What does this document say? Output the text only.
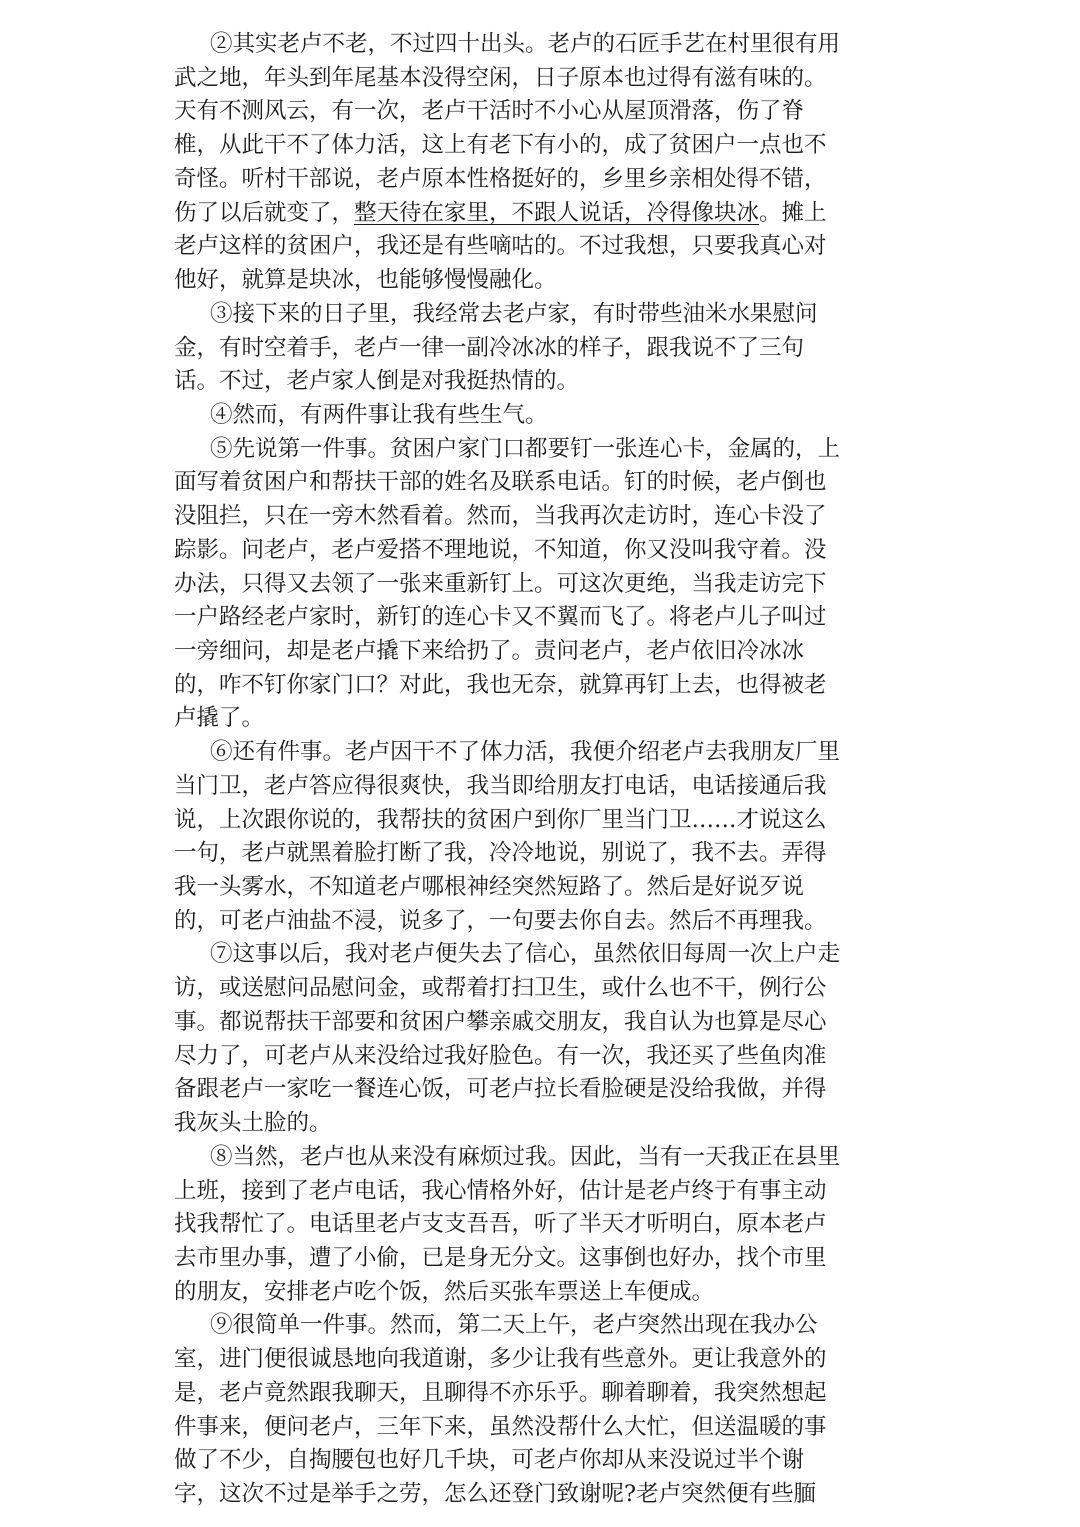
②其实老卢不老，不过四十出头。老卢的石匠手艺在村里很有用
武之地，年头到年尾基本没得空闲，日子原本也过得有滋有味的。
天有不测风云，有一次，老卢干活时不小心从屋顶滑落，伤了脊
椎，从此干不了体力活，这上有老下有小的，成了贫困户一点也不
奇怪。听村干部说，老卢原本性格挺好的，乡里乡亲相处得不错，
伤了以后就变了，整天待在家里，不跟人说话，冷得像块冰。摊上
老卢这样的贫困户，我还是有些嘀咕的。不过我想，只要我真心对
他好，就算是块冰，也能够慢慢融化。
③接下来的日子里，我经常去老卢家，有时带些油米水果慰问
金，有时空着手，老卢一律一副冷冰冰的样子，跟我说不了三句
话。不过，老卢家人倒是对我挺热情的。
④然而，有两件事让我有些生气。
⑤先说第一件事。贫困户家门口都要钉一张连心卡，金属的，上
面写着贫困户和帮扶干部的姓名及联系电话。钉的时候，老卢倒也
没阻拦，只在一旁木然看着。然而，当我再次走访时，连心卡没了
踪影。问老卢，老卢爱搭不理地说，不知道，你又没叫我守着。没
办法，只得又去领了一张来重新钉上。可这次更绝，当我走访完下
一户路经老卢家时，新钉的连心卡又不翼而飞了。将老卢儿子叫过
一旁细问，却是老卢撬下来给扔了。责问老卢，老卢依旧冷冰冰
的，咋不钉你家门口？对此，我也无奈，就算再钉上去，也得被老
卢撬了。
⑥还有件事。老卢因干不了体力活，我便介绍老卢去我朋友厂里
当门卫，老卢答应得很爽快，我当即给朋友打电话，电话接通后我
说，上次跟你说的，我帮扶的贫困户到你厂里当门卫……才说这么
一句，老卢就黑着脸打断了我，冷冷地说，别说了，我不去。弄得
我一头雾水，不知道老卢哪根神经突然短路了。然后是好说歹说
的，可老卢油盐不浸，说多了，一句要去你自去。然后不再理我。
⑦这事以后，我对老卢便失去了信心，虽然依旧每周一次上户走
访，或送慰问品慰问金，或帮着打扫卫生，或什么也不干，例行公
事。都说帮扶干部要和贫困户攀亲戚交朋友，我自认为也算是尽心
尽力了，可老卢从来没给过我好脸色。有一次，我还买了些鱼肉准
备跟老卢一家吃一餐连心饭，可老卢拉长看脸硬是没给我做，并得
我灰头土脸的。
⑧当然，老卢也从来没有麻烦过我。因此，当有一天我正在县里
上班，接到了老卢电话，我心情格外好，估计是老卢终于有事主动
找我帮忙了。电话里老卢支支吾吾，听了半天才听明白，原本老卢
去市里办事，遭了小偷，已是身无分文。这事倒也好办，找个市里
的朋友，安排老卢吃个饭，然后买张车票送上车便成。
⑨很简单一件事。然而，第二天上午，老卢突然出现在我办公
室，进门便很诚恳地向我道谢，多少让我有些意外。更让我意外的
是，老卢竟然跟我聊天，且聊得不亦乐乎。聊着聊着，我突然想起
件事来，便问老卢，三年下来，虽然没帮什么大忙，但送温暖的事
做了不少，自掏腰包也好几千块，可老卢你却从来没说过半个谢
字，这次不过是举手之劳，怎么还登门致谢呢?老卢突然便有些腼
